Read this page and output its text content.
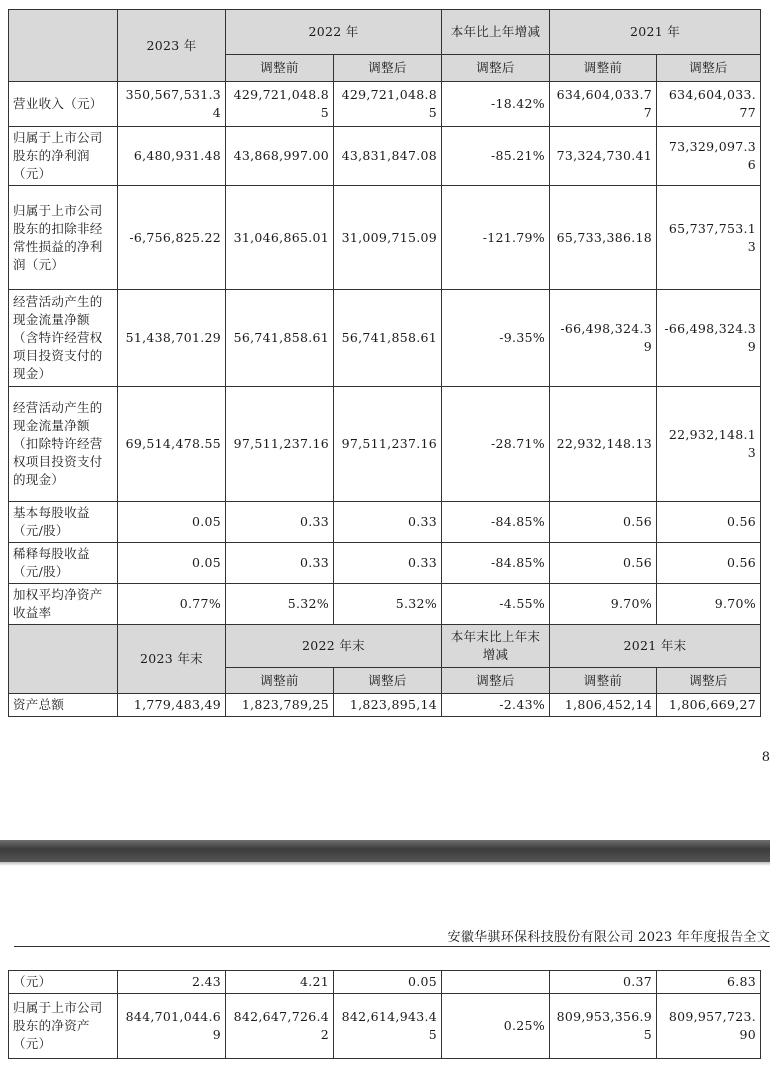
	2023 年	2022 年		本年比上年增减	2021 年	
		调整前	调整后	调整后	调整前	调整后
营业收入（元）	350,567,531.34	429,721,048.85	429,721,048.85	-18.42%	634,604,033.77	634,604,033.77
归属于上市公司股东的净利润（元）	6,480,931.48	43,868,997.00	43,831,847.08	-85.21%	73,324,730.41	73,329,097.36
归属于上市公司股东的扣除非经常性损益的净利润（元）	-6,756,825.22	31,046,865.01	31,009,715.09	-121.79%	65,733,386.18	65,737,753.13
经营活动产生的现金流量净额（含特许经营权项目投资支付的现金）	51,438,701.29	56,741,858.61	56,741,858.61	-9.35%	-66,498,324.39	-66,498,324.39
经营活动产生的现金流量净额（扣除特许经营权项目投资支付的现金）	69,514,478.55	97,511,237.16	97,511,237.16	-28.71%	22,932,148.13	22,932,148.13
基本每股收益（元/股）	0.05	0.33	0.33	-84.85%	0.56	0.56
稀释每股收益（元/股）	0.05	0.33	0.33	-84.85%	0.56	0.56
加权平均净资产收益率	0.77%	5.32%	5.32%	-4.55%	9.70%	9.70%
	2023 年末	2022 年末		本年末比上年末增减	2021 年末	
		调整前	调整后	调整后	调整前	调整后
资产总额	1,779,483,49	1,823,789,25	1,823,895,14	-2.43%	1,806,452,14	1,806,669,27
8
安徽华骐环保科技股份有限公司 2023 年年度报告全文
（元）	2.43	4.21	0.05		0.37	6.83
归属于上市公司股东的净资产（元）	844,701,044.69	842,647,726.42	842,614,943.45	0.25%	809,953,356.95	809,957,723.90
